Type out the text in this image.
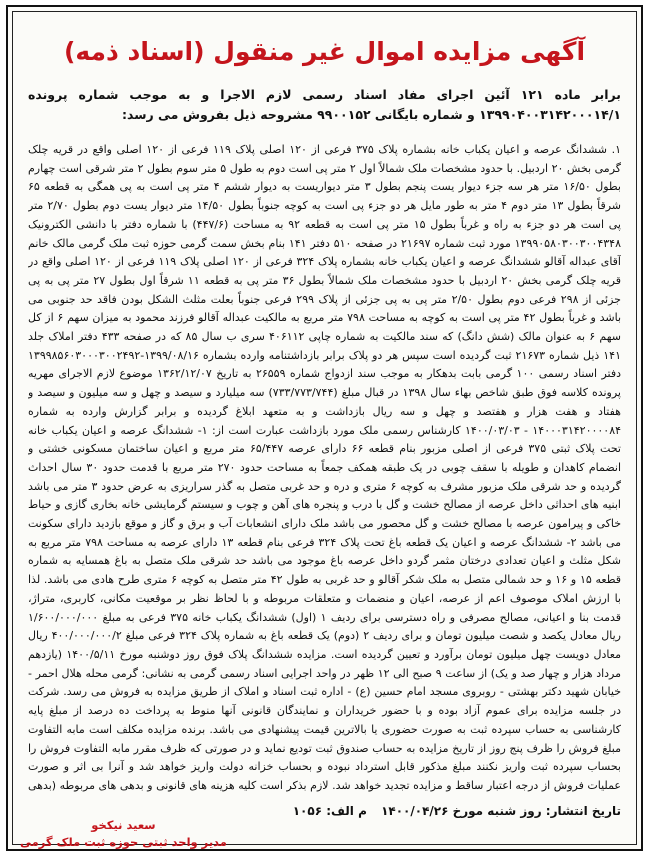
آگهی مزایده اموال غیر منقول (اسناد ذمه)
برابر ماده ۱۲۱ آئین اجرای مفاد اسناد رسمی لازم الاجرا و به موجب شماره پرونده ۱۳۹۹۰۴۰۰۳۱۴۲۰۰۰۱۴/۱ و شماره بایگانی ۹۹۰۰۱۵۲ مشروحه ذیل بفروش می رسد:
۱. ششدانگ عرصه و اعیان یکباب خانه بشماره پلاک ۳۷۵ فرعی از ۱۲۰ اصلی پلاک ۱۱۹ فرعی از ۱۲۰ اصلی واقع در قریه چلک گرمی بخش ۲۰ اردبیل. با حدود مشخصات ملک شمالاً اول ۲ متر پی است دوم به طول ۵ متر سوم بطول ۲ متر شرقی است چهارم بطول ۱۶/۵۰ متر هر سه جزء دیوار یست پنجم بطول ۳ متر دیواریست به دیوار ششم ۴ متر پی است به پی همگی به قطعه ۶۵ شرقاً بطول ۱۳ متر دوم ۴ متر به طور مایل هر دو جزء پی است به کوچه جنوباً بطول ۱۴/۵۰ متر دیوار یست دوم بطول ۲/۷۰ متر پی است هر دو جزء به راه و غرباً بطول ۱۵ متر پی است به قطعه ۹۲ به مساحت (۴۴۷/۶) با شماره دفتر با دانشی الکترونیک ۱۳۹۹۰۵۸۰۳۰۰۳۰۰۴۳۴۸ مورد ثبت شماره ۲۱۶۹۷ در صفحه ۵۱۰ دفتر ۱۴۱ بنام بخش سمت گرمی حوزه ثبت ملک گرمی مالک خانم آقای عبداله آقالو ششدانگ عرصه و اعیان یکباب خانه بشماره پلاک ۳۲۴ فرعی از ۱۲۰ اصلی پلاک ۱۱۹ فرعی از ۱۲۰ اصلی واقع در قریه چلک گرمی بخش ۲۰ اردبیل با حدود مشخصات ملک شمالاً بطول ۳۶ متر پی به قطعه ۱۱ شرقاً اول بطول ۲۷ متر پی به پی جزئی از ۲۹۸ فرعی دوم بطول ۲/۵۰ متر پی به پی جزئی از پلاک ۲۹۹ فرعی جنوباً بعلت مثلث الشکل بودن فاقد حد جنوبی می باشد و غرباً بطول ۴۲ متر پی است به کوچه به مساحت ۷۹۸ متر مربع به مالکیت عبداله آقالو فرزند محمود به میزان سهم ۶ از کل سهم ۶ به عنوان مالک (شش دانگ) که سند مالکیت به شماره چاپی ۴۰۶۱۱۲ سری ب سال ۸۵ که در صفحه ۴۳۳ دفتر املاک جلد ۱۴۱ ذیل شماره ۲۱۶۷۳ ثبت گردیده است سپس هر دو پلاک برابر بازداشتنامه وارده بشماره ۱۳۹۹/۰۸/۱۶-۱۳۹۹۸۵۶۰۳۰۰۰۳۰۰۲۴۹۲ دفتر اسناد رسمی ۱۰۰ گرمی بابت بدهکار به موجب سند ازدواج شماره ۲۶۵۵۹ به تاریخ ۱۳۶۲/۱۲/۰۷ موضوع لازم الاجرای مهریه پرونده کلاسه فوق طبق شاخص بهاء سال ۱۳۹۸ در قبال مبلغ (۷۳۳/۷۷۳/۷۴۴) سه میلیارد و سیصد و چهل و سه میلیون و سیصد و هفتاد و هفت هزار و هفتصد و چهل و سه ریال بازداشت و به متعهد ابلاغ گردیده و برابر گزارش وارده به شماره ۱۴۰۰۰۳۱۴۲۰۰۰۰۸۴ - ۱۴۰۰/۰۳/۰۳ کارشناس رسمی ملک مورد بازداشت عبارت است از: ۱- ششدانگ عرصه و اعیان یکباب خانه تحت پلاک ثبتی ۳۷۵ فرعی از اصلی مزبور بنام قطعه ۶۶ دارای عرصه ۶۵/۴۴۷ متر مربع و اعیان ساختمان مسکونی خشتی و انضمام کاهدان و طویله با سقف چوبی در یک طبقه همکف جمعاً به مساحت حدود ۲۷۰ متر مربع با قدمت حدود ۳۰ سال احداث گردیده و حد شرقی ملک مزبور مشرف به کوچه ۶ متری و دره و حد غربی متصل به گذر سراریزی به عرض حدود ۳ متر می باشد ابنیه های احداثی داخل عرصه از مصالح خشت و گل با درب و پنجره های آهن و چوب و سیستم گرمایشی خانه بخاری گازی و حیاط خاکی و پیرامون عرصه با مصالح خشت و گل محصور می باشد ملک دارای انشعابات آب و برق و گاز و موقع بازدید دارای سکونت می باشد ۲- ششدانگ عرصه و اعیان یک قطعه باغ تحت پلاک ۳۲۴ فرعی بنام قطعه ۱۳ دارای عرصه به مساحت ۷۹۸ متر مربع به شکل مثلث و اعیان تعدادی درختان مثمر گردو داخل عرصه باغ موجود می باشد حد شرقی ملک متصل به باغ همسایه به شماره قطعه ۱۵ و ۱۶ و حد شمالی متصل به ملک شکر آقالو و حد غربی به طول ۴۲ متر متصل به کوچه ۶ متری طرح هادی می باشد. لذا با ارزش املاک موصوف اعم از عرصه، اعیان و منضمات و متعلقات مربوطه و با لحاظ نظر بر موقعیت مکانی، کاربری، متراژ، قدمت بنا و اعیانی، مصالح مصرفی و راه دسترسی برای ردیف ۱ (اول) ششدانگ یکباب خانه ۳۷۵ فرعی به مبلغ ۱/۶۰۰/۰۰۰/۰۰۰ ریال معادل یکصد و شصت میلیون تومان و برای ردیف ۲ (دوم) یک قطعه باغ به شماره پلاک ۳۲۴ فرعی مبلغ ۴۰۰/۰۰۰/۰۰۰/۲ ریال معادل دویست چهل میلیون تومان برآورد و تعیین گردیده است. مزایده ششدانگ پلاک فوق روز دوشنبه مورخ ۱۴۰۰/۵/۱۱ (یازدهم مرداد هزار و چهار صد و یک) از ساعت ۹ صبح الی ۱۲ ظهر در واحد اجرایی اسناد رسمی گرمی به نشانی: گرمی محله هلال احمر - خیابان شهید دکتر بهشتی - روبروی مسجد امام حسین (ع) - اداره ثبت اسناد و املاک از طریق مزایده به فروش می رسد. شرکت در جلسه مزایده برای عموم آزاد بوده و با حضور خریداران و نمایندگان قانونی آنها منوط به پرداخت ده درصد از مبلغ پایه کارشناسی به حساب سپرده ثبت به صورت حضوری یا بالاترین قیمت پیشنهادی می باشد. برنده مزایده مکلف است مابه التفاوت مبلغ فروش را ظرف پنج روز از تاریخ مزایده به حساب صندوق ثبت تودیع نماید و در صورتی که ظرف مقرر مابه التفاوت فروش را بحساب سپرده ثبت واریز نکنند مبلغ مذکور قابل استرداد نبوده و بحساب خزانه دولت واریز خواهد شد و آنرا بی اثر و صورت عملیات فروش از درجه اعتبار ساقط و مزایده تجدید خواهد شد. لازم بذکر است کلیه هزینه های قانونی و بدهی های مربوطه (بدهی
تاریخ انتشار: روز شنبه مورخ ۱۴۰۰/۰۴/۲۶ م الف: ۱۰۵۶
سعید نیکخو
مدیر واحد ثبتی حوزه ثبت ملک گرمی
